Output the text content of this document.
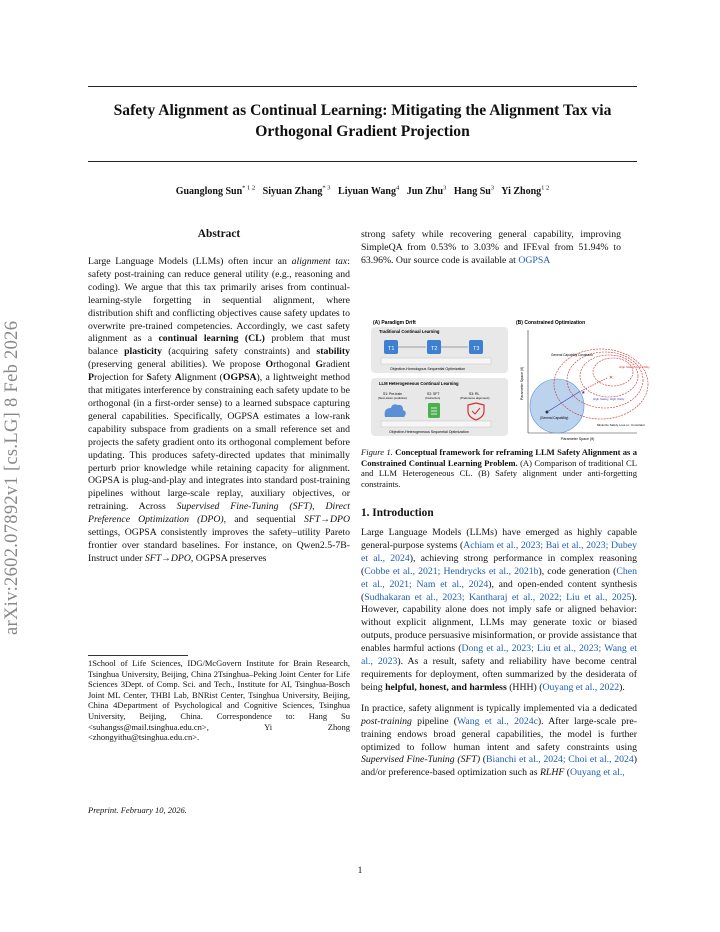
Safety Alignment as Continual Learning: Mitigating the Alignment Tax via Orthogonal Gradient Projection
Guanglong Sun$^{* 1 2}$ Siyuan Zhang$^{* 3}$ Liyuan Wang$^4$ Jun Zhu$^3$ Hang Su$^3$ Yi Zhong$^{1 2}$
arXiv:2602.07892v1 [cs.LG] 8 Feb 2026
Abstract

Large Language Models (LLMs) often incur an alignment tax: safety post-training can reduce general utility (e.g., reasoning and coding). We argue that this tax primarily arises from continual-learning-style forgetting in sequential alignment, where distribution shift and conflicting objectives cause safety updates to overwrite pre-trained competencies. Accordingly, we cast safety alignment as a continual learning (CL) problem that must balance plasticity (acquiring safety constraints) and stability (preserving general abilities). We propose Orthogonal Gradient Projection for Safety Alignment (OGPSA), a lightweight method that mitigates interference by constraining each safety update to be orthogonal (in a first-order sense) to a learned subspace capturing general capabilities. Specifically, OGPSA estimates a low-rank capability subspace from gradients on a small reference set and projects the safety gradient onto its orthogonal complement before updating. This produces safety-directed updates that minimally perturb prior knowledge while retaining capacity for alignment. OGPSA is plug-and-play and integrates into standard post-training pipelines without large-scale replay, auxiliary objectives, or retraining. Across Supervised Fine-Tuning (SFT), Direct Preference Optimization (DPO), and sequential SFT→DPO settings, OGPSA consistently improves the safety–utility Pareto frontier over standard baselines. For instance, on Qwen2.5-7B-Instruct under SFT→DPO, OGPSA preserves

strong safety while recovering general capability, improving SimpleQA from 0.53% to 3.03% and IFEval from 51.94% to 63.96%. Our source code is available at OGPSA

1School of Life Sciences, IDG/McGovern Institute for Brain Research, Tsinghua University, Beijing, China 2Tsinghua–Peking Joint Center for Life Sciences 3Dept. of Comp. Sci. and Tech., Institute for AI, Tsinghua-Bosch Joint ML Center, THBI Lab, BNRist Center, Tsinghua University, Beijing, China 4Department of Psychological and Cognitive Sciences, Tsinghua University, Beijing, China. Correspondence to: Hang Su <suhangss@mail.tsinghua.edu.cn>, Yi Zhong <zhongyithu@tsinghua.edu.cn>.

Preprint. February 10, 2026.
(A) Paradigm Drift
Traditional Continual Learning
T1	T2	T3
Objective-Homologous Sequential Optimization
LLM Heterogeneous Continual Learning
S1: Pre-train
(Next-token prediction)
S2: SFT
(Instruction)
S3: RL
(Preference alignment)
Objective-Heterogeneous Sequential Optimization
(B) Constrained Optimization
Parameter Space (θ)
Parameter Space (θ)
General Capability Constraint
High Safety, Low Utility
High Safety, High Utility
(General Capability)
★
✕
Minimize Safety Loss s.t. Constraint
Figure 1. Conceptual framework for reframing LLM Safety Alignment as a Constrained Continual Learning Problem. (A) Comparison of traditional CL and LLM Heterogeneous CL. (B) Safety alignment under anti-forgetting constraints.
1. Introduction

Large Language Models (LLMs) have emerged as highly capable general-purpose systems (Achiam et al., 2023; Bai et al., 2023; Dubey et al., 2024), achieving strong performance in complex reasoning (Cobbe et al., 2021; Hendrycks et al., 2021b), code generation (Chen et al., 2021; Nam et al., 2024), and open-ended content synthesis (Sudhakaran et al., 2023; Kantharaj et al., 2022; Liu et al., 2025). However, capability alone does not imply safe or aligned behavior: without explicit alignment, LLMs may generate toxic or biased outputs, produce persuasive misinformation, or provide assistance that enables harmful actions (Dong et al., 2023; Liu et al., 2023; Wang et al., 2023). As a result, safety and reliability have become central requirements for deployment, often summarized by the desiderata of being helpful, honest, and harmless (HHH) (Ouyang et al., 2022).

In practice, safety alignment is typically implemented via a dedicated post-training pipeline (Wang et al., 2024c). After large-scale pre-training endows broad general capabilities, the model is further optimized to follow human intent and safety constraints using Supervised Fine-Tuning (SFT) (Bianchi et al., 2024; Choi et al., 2024) and/or preference-based optimization such as RLHF (Ouyang et al.,

1
